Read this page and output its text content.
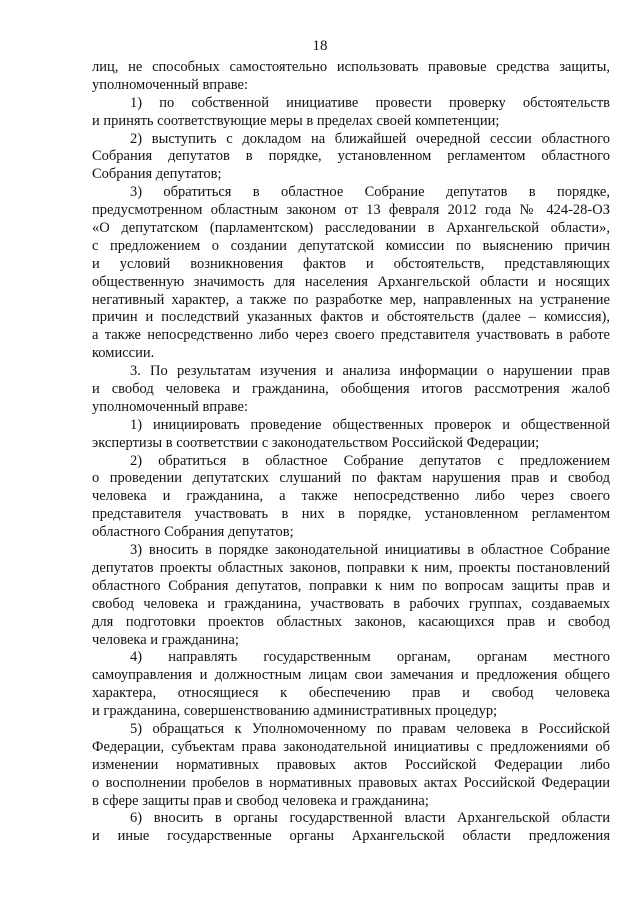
18
лиц, не способных самостоятельно использовать правовые средства защиты,
уполномоченный вправе:
1) по собственной инициативе провести проверку обстоятельств
и принять соответствующие меры в пределах своей компетенции;
2) выступить с докладом на ближайшей очередной сессии областного
Собрания депутатов в порядке, установленном регламентом областного
Собрания депутатов;
3) обратиться в областное Собрание депутатов в порядке,
предусмотренном областным законом от 13 февраля 2012 года № 424-28-ОЗ
«О депутатском (парламентском) расследовании в Архангельской области»,
с предложением о создании депутатской комиссии по выяснению причин
и условий возникновения фактов и обстоятельств, представляющих
общественную значимость для населения Архангельской области и носящих
негативный характер, а также по разработке мер, направленных на устранение
причин и последствий указанных фактов и обстоятельств (далее – комиссия),
а также непосредственно либо через своего представителя участвовать в работе
комиссии.
3. По результатам изучения и анализа информации о нарушении прав
и свобод человека и гражданина, обобщения итогов рассмотрения жалоб
уполномоченный вправе:
1) инициировать проведение общественных проверок и общественной
экспертизы в соответствии с законодательством Российской Федерации;
2) обратиться в областное Собрание депутатов с предложением
о проведении депутатских слушаний по фактам нарушения прав и свобод
человека и гражданина, а также непосредственно либо через своего
представителя участвовать в них в порядке, установленном регламентом
областного Собрания депутатов;
3) вносить в порядке законодательной инициативы в областное Собрание
депутатов проекты областных законов, поправки к ним, проекты постановлений
областного Собрания депутатов, поправки к ним по вопросам защиты прав и
свобод человека и гражданина, участвовать в рабочих группах, создаваемых
для подготовки проектов областных законов, касающихся прав и свобод
человека и гражданина;
4) направлять государственным органам, органам местного
самоуправления и должностным лицам свои замечания и предложения общего
характера, относящиеся к обеспечению прав и свобод человека
и гражданина, совершенствованию административных процедур;
5) обращаться к Уполномоченному по правам человека в Российской
Федерации, субъектам права законодательной инициативы с предложениями об
изменении нормативных правовых актов Российской Федерации либо
о восполнении пробелов в нормативных правовых актах Российской Федерации
в сфере защиты прав и свобод человека и гражданина;
6) вносить в органы государственной власти Архангельской области
и иные государственные органы Архангельской области предложения
